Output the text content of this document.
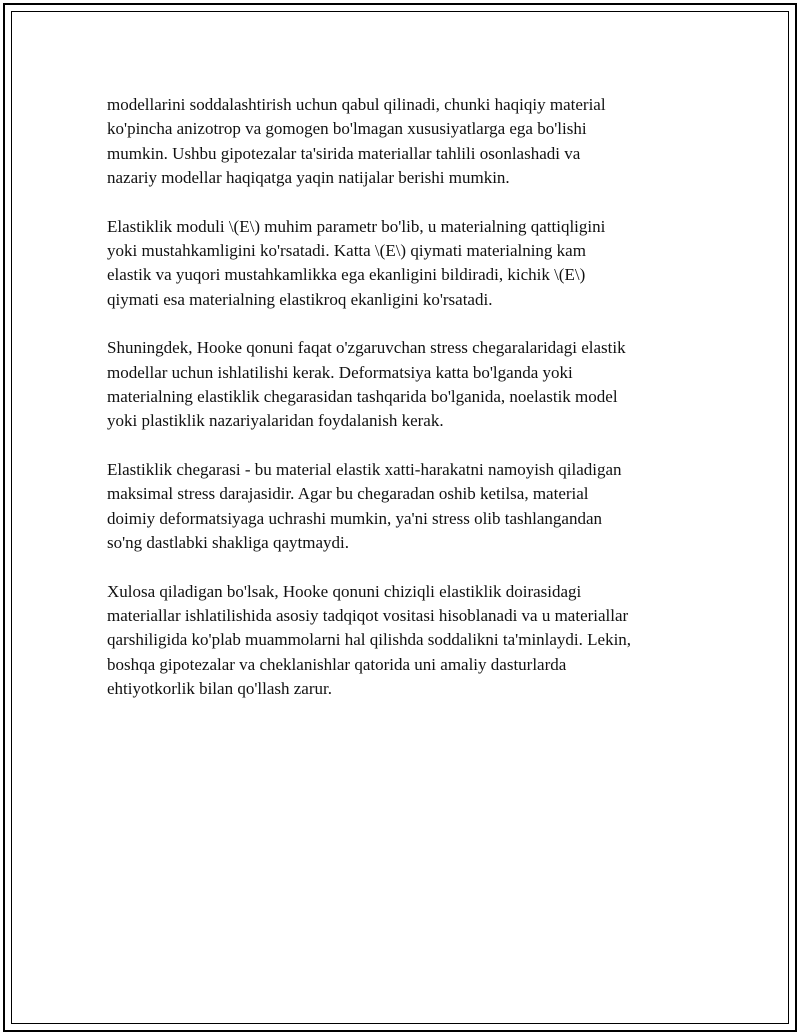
modellarini soddalashtirish uchun qabul qilinadi, chunki haqiqiy material
ko'pincha anizotrop va gomogen bo'lmagan xususiyatlarga ega bo'lishi
mumkin. Ushbu gipotezalar ta'sirida materiallar tahlili osonlashadi va
nazariy modellar haqiqatga yaqin natijalar berishi mumkin.

Elastiklik moduli \(E\) muhim parametr bo'lib, u materialning qattiqligini
yoki mustahkamligini ko'rsatadi. Katta \(E\) qiymati materialning kam
elastik va yuqori mustahkamlikka ega ekanligini bildiradi, kichik \(E\)
qiymati esa materialning elastikroq ekanligini ko'rsatadi.

Shuningdek, Hooke qonuni faqat o'zgaruvchan stress chegaralaridagi elastik
modellar uchun ishlatilishi kerak. Deformatsiya katta bo'lganda yoki
materialning elastiklik chegarasidan tashqarida bo'lganida, noelastik model
yoki plastiklik nazariyalaridan foydalanish kerak.

Elastiklik chegarasi - bu material elastik xatti-harakatni namoyish qiladigan
maksimal stress darajasidir. Agar bu chegaradan oshib ketilsa, material
doimiy deformatsiyaga uchrashi mumkin, ya'ni stress olib tashlangandan
so'ng dastlabki shakliga qaytmaydi.

Xulosa qiladigan bo'lsak, Hooke qonuni chiziqli elastiklik doirasidagi
materiallar ishlatilishida asosiy tadqiqot vositasi hisoblanadi va u materiallar
qarshiligida ko'plab muammolarni hal qilishda soddalikni ta'minlaydi. Lekin,
boshqa gipotezalar va cheklanishlar qatorida uni amaliy dasturlarda
ehtiyotkorlik bilan qo'llash zarur.
